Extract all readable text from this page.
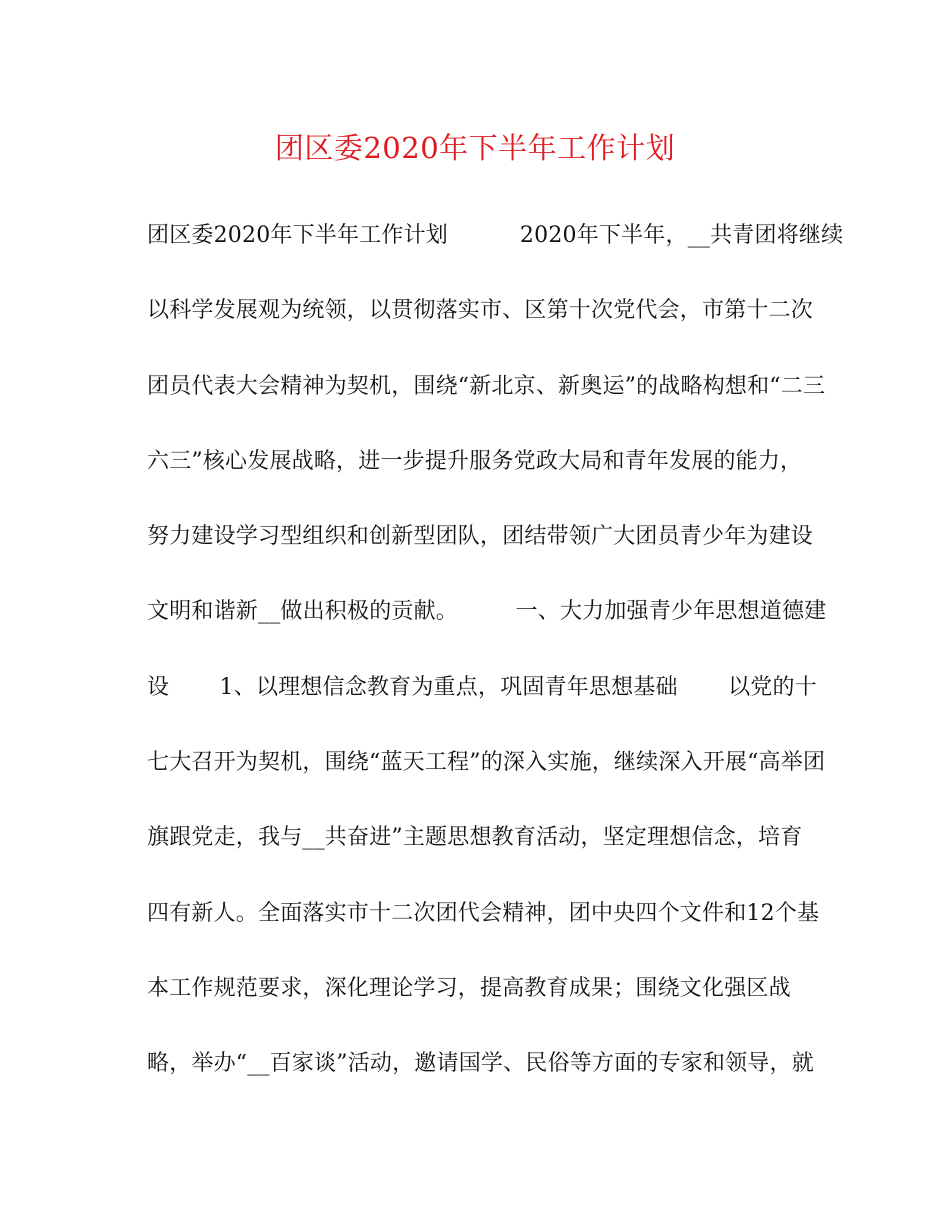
团区委2020年下半年工作计划
团区委2020年下半年工作计划          2020年下半年，__共青团将继续
以科学发展观为统领，以贯彻落实市、区第十次党代会，市第十二次
团员代表大会精神为契机，围绕“新北京、新奥运”的战略构想和“二三
六三”核心发展战略，进一步提升服务党政大局和青年发展的能力，
努力建设学习型组织和创新型团队，团结带领广大团员青少年为建设
文明和谐新__做出积极的贡献。        一、大力加强青少年思想道德建
设       1、以理想信念教育为重点，巩固青年思想基础       以党的十
七大召开为契机，围绕“蓝天工程”的深入实施，继续深入开展“高举团
旗跟党走，我与__共奋进”主题思想教育活动，坚定理想信念，培育
四有新人。全面落实市十二次团代会精神，团中央四个文件和12个基
本工作规范要求，深化理论学习，提高教育成果；围绕文化强区战
略，举办“__百家谈”活动，邀请国学、民俗等方面的专家和领导，就
